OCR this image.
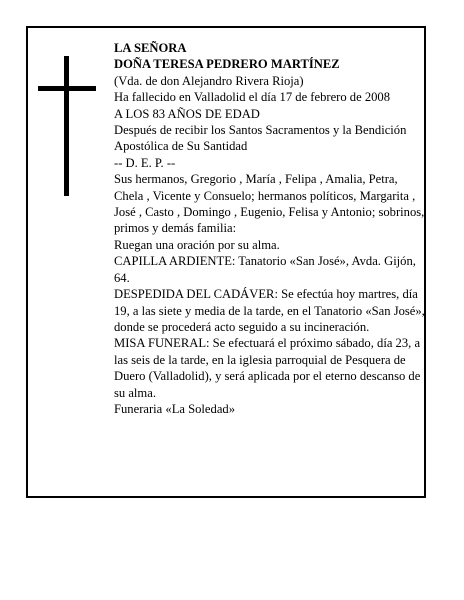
LA SEÑORA

DOÑA TERESA PEDRERO MARTÍNEZ

(Vda. de don Alejandro Rivera Rioja)

Ha fallecido en Valladolid el día 17 de febrero de 2008

A LOS 83 AÑOS DE EDAD

Después de recibir los Santos Sacramentos y la Bendición Apostólica de Su Santidad

-- D. E. P. --

Sus hermanos, Gregorio , María , Felipa , Amalia, Petra, Chela , Vicente y Consuelo; hermanos políticos, Margarita , José , Casto , Domingo , Eugenio, Felisa y Antonio; sobrinos, primos y demás familia:

Ruegan una oración por su alma.

CAPILLA ARDIENTE: Tanatorio «San José», Avda. Gijón, 64.

DESPEDIDA DEL CADÁVER: Se efectúa hoy martres, día 19, a las siete y media de la tarde, en el Tanatorio «San José», donde se procederá acto seguido a su incineración.

MISA FUNERAL: Se efectuará el próximo sábado, día 23, a las seis de la tarde, en la iglesia parroquial de Pesquera de Duero (Valladolid), y será aplicada por el eterno descanso de su alma.

Funeraria «La Soledad»
